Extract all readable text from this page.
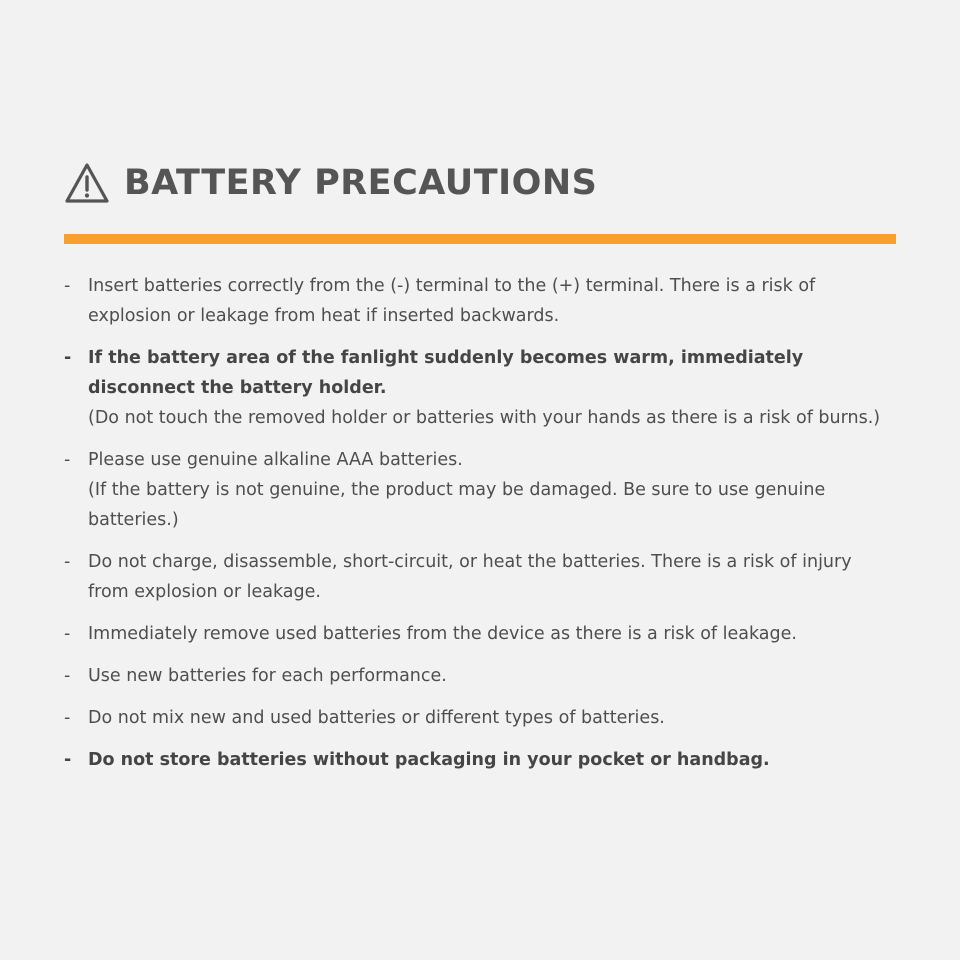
BATTERY PRECAUTIONS
-	Insert batteries correctly from the (-) terminal to the (+) terminal. There is a risk of explosion or leakage from heat if inserted backwards.
- If the battery area of the fanlight suddenly becomes warm, immediately disconnect the battery holder.
(Do not touch the removed holder or batteries with your hands as there is a risk of burns.)
-	Please use genuine alkaline AAA batteries.
(If the battery is not genuine, the product may be damaged. Be sure to use genuine batteries.)
-	Do not charge, disassemble, short-circuit, or heat the batteries. There is a risk of injury from explosion or leakage.
-	Immediately remove used batteries from the device as there is a risk of leakage.
-	Use new batteries for each performance.
-	Do not mix new and used batteries or different types of batteries.
- Do not store batteries without packaging in your pocket or handbag.
